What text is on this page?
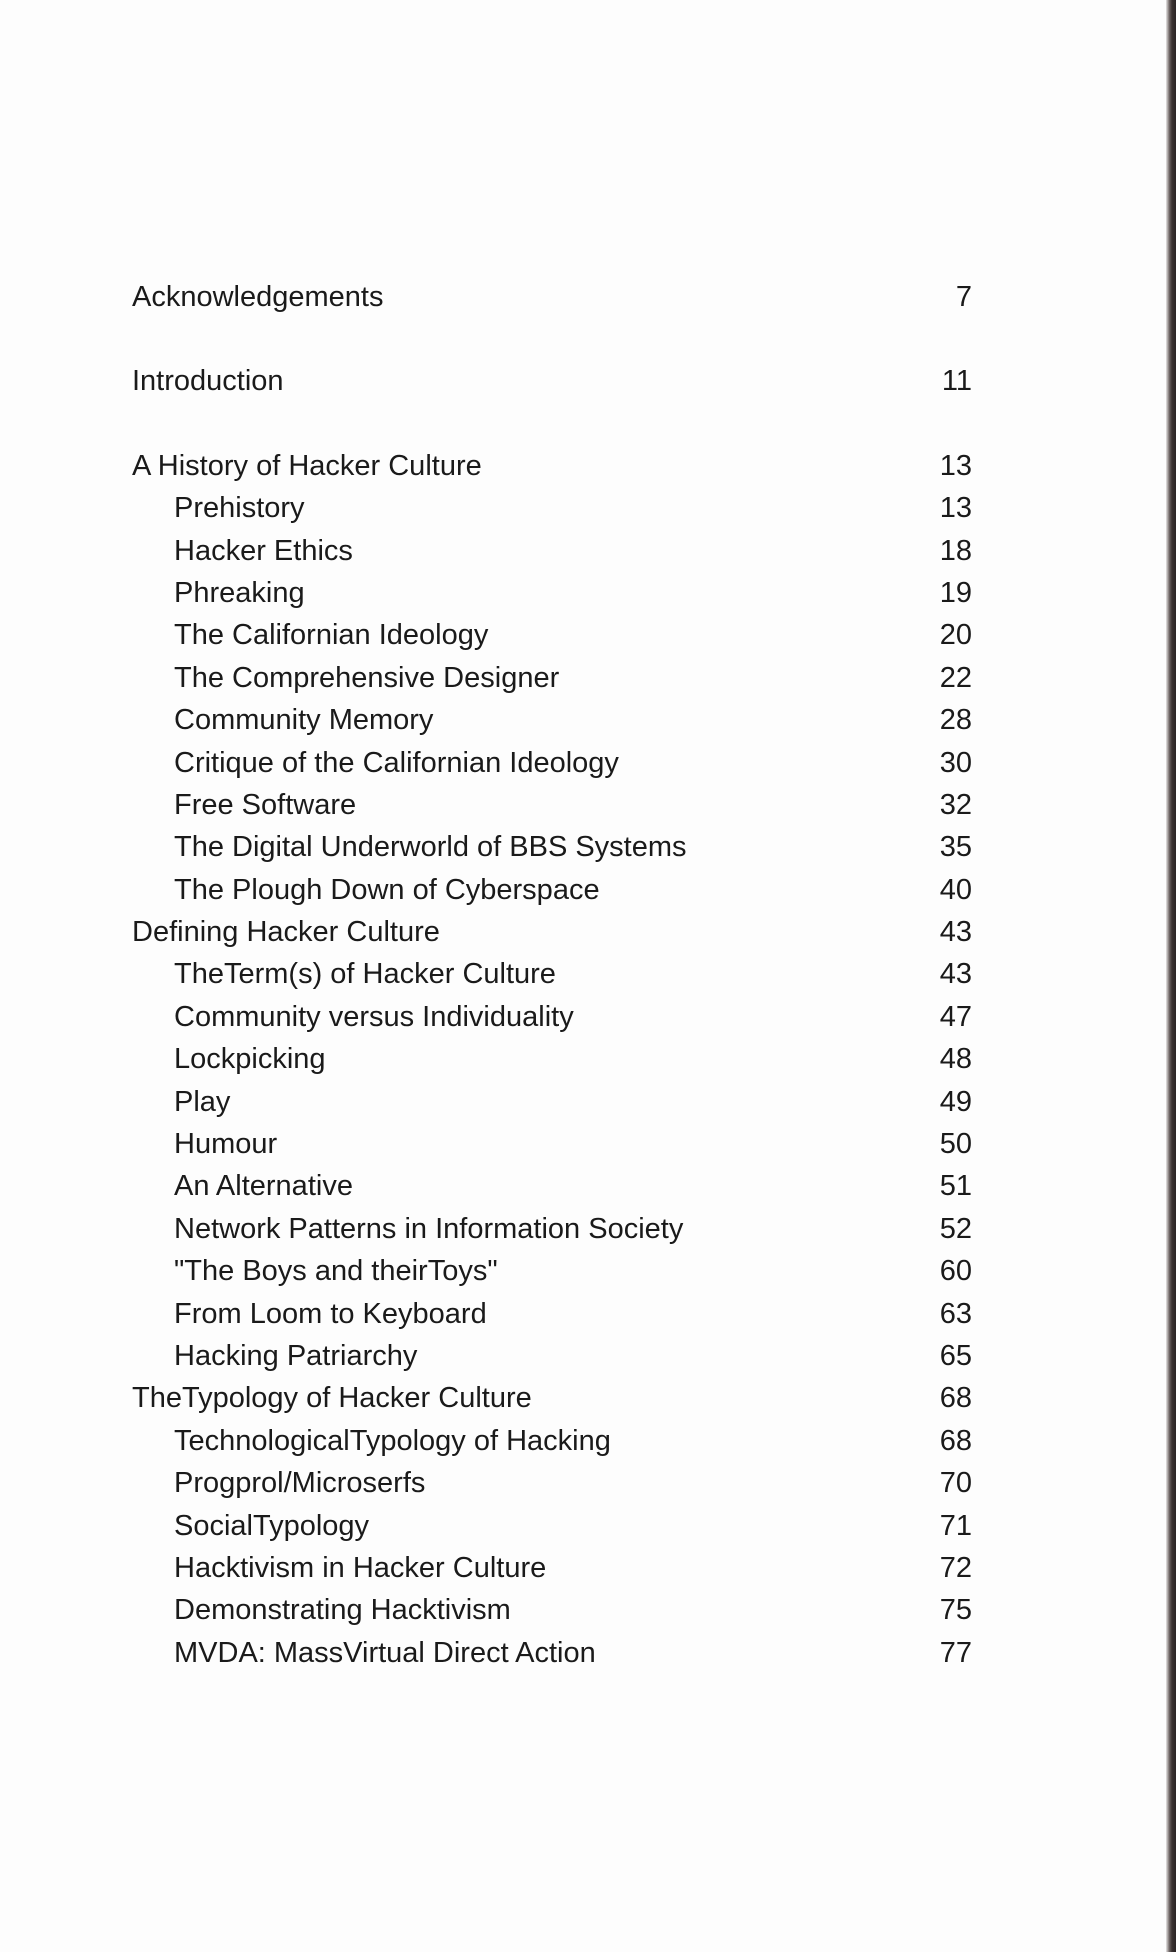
Acknowledgements	7
Introduction	11
A History of Hacker Culture	13
Prehistory	13
Hacker Ethics	18
Phreaking	19
The Californian Ideology	20
The Comprehensive Designer	22
Community Memory	28
Critique of the Californian Ideology	30
Free Software	32
The Digital Underworld of BBS Systems	35
The Plough Down of Cyberspace	40
Defining Hacker Culture	43
TheTerm(s) of Hacker Culture	43
Community versus Individuality	47
Lockpicking	48
Play	49
Humour	50
An Alternative	51
Network Patterns in Information Society	52
"The Boys and theirToys"	60
From Loom to Keyboard	63
Hacking Patriarchy	65
TheTypology of Hacker Culture	68
TechnologicalTypology of Hacking	68
Progprol/Microserfs	70
SocialTypology	71
Hacktivism in Hacker Culture	72
Demonstrating Hacktivism	75
MVDA: MassVirtual Direct Action	77
